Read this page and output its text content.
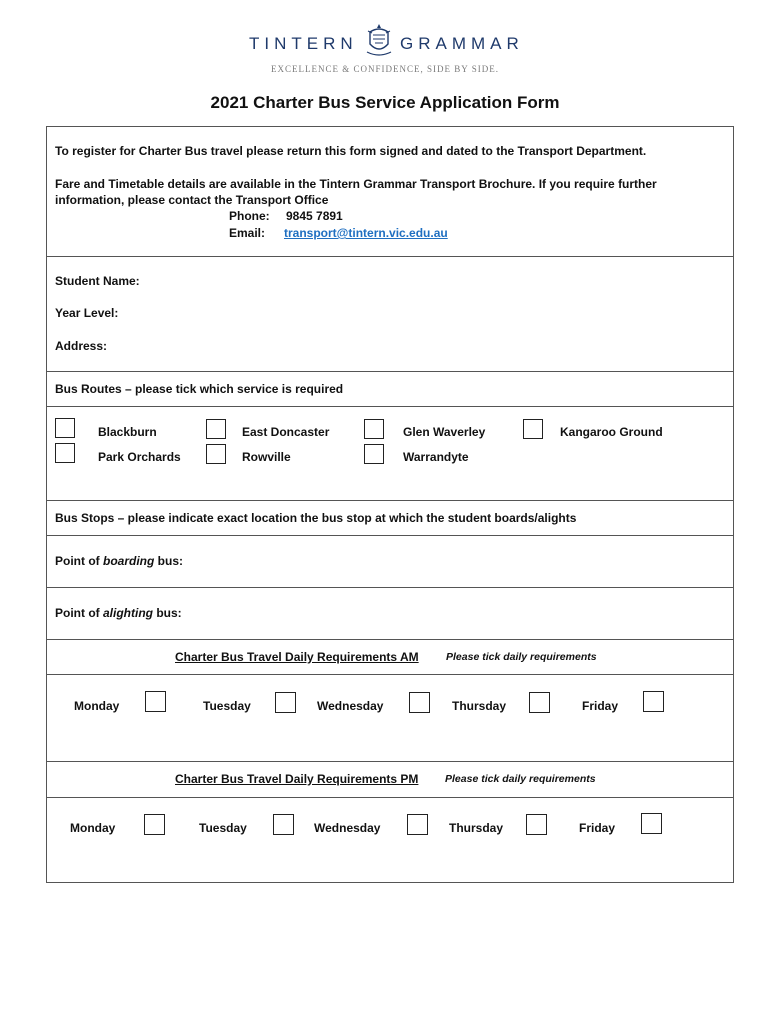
TINTERN GRAMMAR
EXCELLENCE & CONFIDENCE, SIDE BY SIDE.
2021 Charter Bus Service Application Form
To register for Charter Bus travel please return this form signed and dated to the Transport Department.
Fare and Timetable details are available in the Tintern Grammar Transport Brochure. If you require further
information, please contact the Transport Office
Phone: 9845 7891
Email: transport@tintern.vic.edu.au
Student Name:
Year Level:
Address:
Bus Routes – please tick which service is required
Blackburn	East Doncaster	Glen Waverley	Kangaroo Ground
Park Orchards	Rowville	Warrandyte
Bus Stops – please indicate exact location the bus stop at which the student boards/alights
Point of boarding bus:
Point of alighting bus:
Charter Bus Travel Daily Requirements AM	Please tick daily requirements
Monday	Tuesday	Wednesday	Thursday	Friday
Charter Bus Travel Daily Requirements PM	Please tick daily requirements
Monday	Tuesday	Wednesday	Thursday	Friday
